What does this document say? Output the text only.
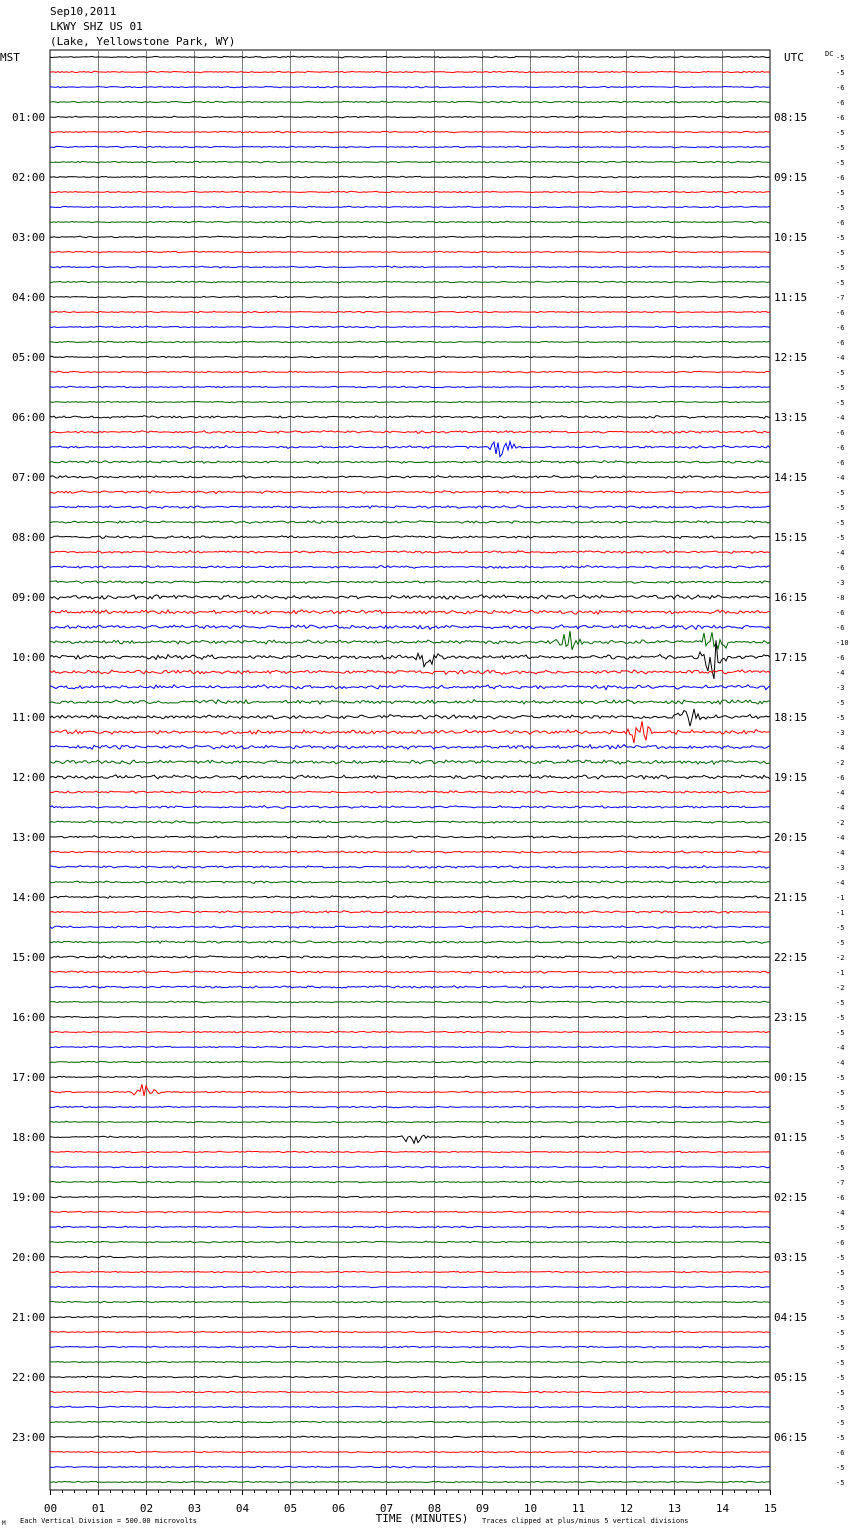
Sep10,2011
LKWY SHZ US 01
(Lake, Yellowstone Park, WY)
00	01	02	03	04	05	06	07	08	09	10	11	12	13	14	15
MST	UTC	DC
TIME (MINUTES)
Each Vertical Division = 500.00 microvolts	Traces clipped at plus/minus 5 vertical divisions
M
01:00	08:15
02:00	09:15
03:00	10:15
04:00	11:15
05:00	12:15
06:00	13:15
07:00	14:15
08:00	15:15
09:00	16:15
10:00	17:15
11:00	18:15
12:00	19:15
13:00	20:15
14:00	21:15
15:00	22:15
16:00	23:15
17:00	00:15
18:00	01:15
19:00	02:15
20:00	03:15
21:00	04:15
22:00	05:15
23:00	06:15
-5
-5
-6
-6
-6
-5
-5
-5
-6
-5
-5
-6
-5
-5
-5
-5
-7
-6
-6
-6
-4
-5
-5
-5
-4
-6
-6
-6
-4
-5
-5
-5
-5
-4
-6
-3
-8
-6
-6
-10
-6
-4
-3
-5
-5
-3
-4
-2
-6
-4
-4
-2
-4
-4
-3
-4
-1
-1
-5
-5
-2
-1
-2
-5
-5
-5
-4
-4
-5
-5
-5
-5
-5
-6
-5
-7
-6
-4
-5
-6
-5
-5
-5
-5
-5
-5
-5
-5
-5
-5
-5
-5
-5
-6
-5
-5
